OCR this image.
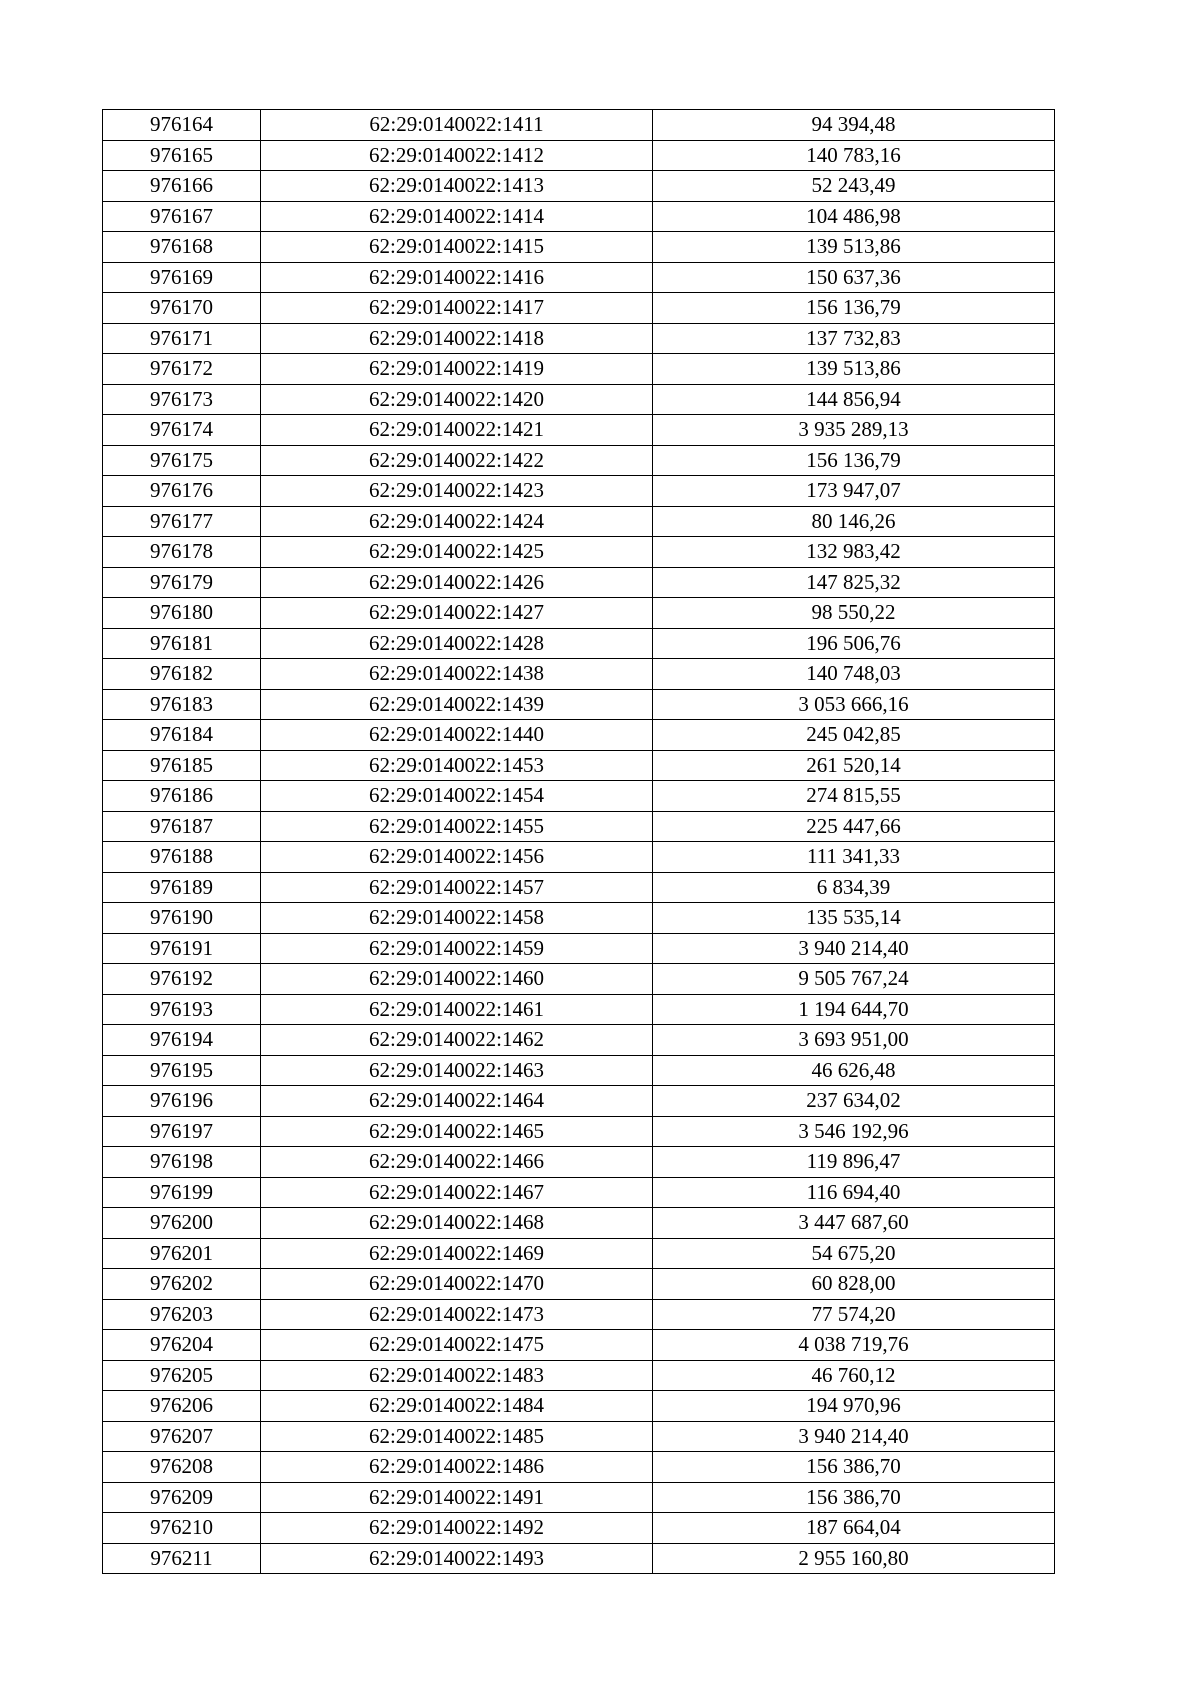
976164	62:29:0140022:1411	94 394,48
976165	62:29:0140022:1412	140 783,16
976166	62:29:0140022:1413	52 243,49
976167	62:29:0140022:1414	104 486,98
976168	62:29:0140022:1415	139 513,86
976169	62:29:0140022:1416	150 637,36
976170	62:29:0140022:1417	156 136,79
976171	62:29:0140022:1418	137 732,83
976172	62:29:0140022:1419	139 513,86
976173	62:29:0140022:1420	144 856,94
976174	62:29:0140022:1421	3 935 289,13
976175	62:29:0140022:1422	156 136,79
976176	62:29:0140022:1423	173 947,07
976177	62:29:0140022:1424	80 146,26
976178	62:29:0140022:1425	132 983,42
976179	62:29:0140022:1426	147 825,32
976180	62:29:0140022:1427	98 550,22
976181	62:29:0140022:1428	196 506,76
976182	62:29:0140022:1438	140 748,03
976183	62:29:0140022:1439	3 053 666,16
976184	62:29:0140022:1440	245 042,85
976185	62:29:0140022:1453	261 520,14
976186	62:29:0140022:1454	274 815,55
976187	62:29:0140022:1455	225 447,66
976188	62:29:0140022:1456	111 341,33
976189	62:29:0140022:1457	6 834,39
976190	62:29:0140022:1458	135 535,14
976191	62:29:0140022:1459	3 940 214,40
976192	62:29:0140022:1460	9 505 767,24
976193	62:29:0140022:1461	1 194 644,70
976194	62:29:0140022:1462	3 693 951,00
976195	62:29:0140022:1463	46 626,48
976196	62:29:0140022:1464	237 634,02
976197	62:29:0140022:1465	3 546 192,96
976198	62:29:0140022:1466	119 896,47
976199	62:29:0140022:1467	116 694,40
976200	62:29:0140022:1468	3 447 687,60
976201	62:29:0140022:1469	54 675,20
976202	62:29:0140022:1470	60 828,00
976203	62:29:0140022:1473	77 574,20
976204	62:29:0140022:1475	4 038 719,76
976205	62:29:0140022:1483	46 760,12
976206	62:29:0140022:1484	194 970,96
976207	62:29:0140022:1485	3 940 214,40
976208	62:29:0140022:1486	156 386,70
976209	62:29:0140022:1491	156 386,70
976210	62:29:0140022:1492	187 664,04
976211	62:29:0140022:1493	2 955 160,80
